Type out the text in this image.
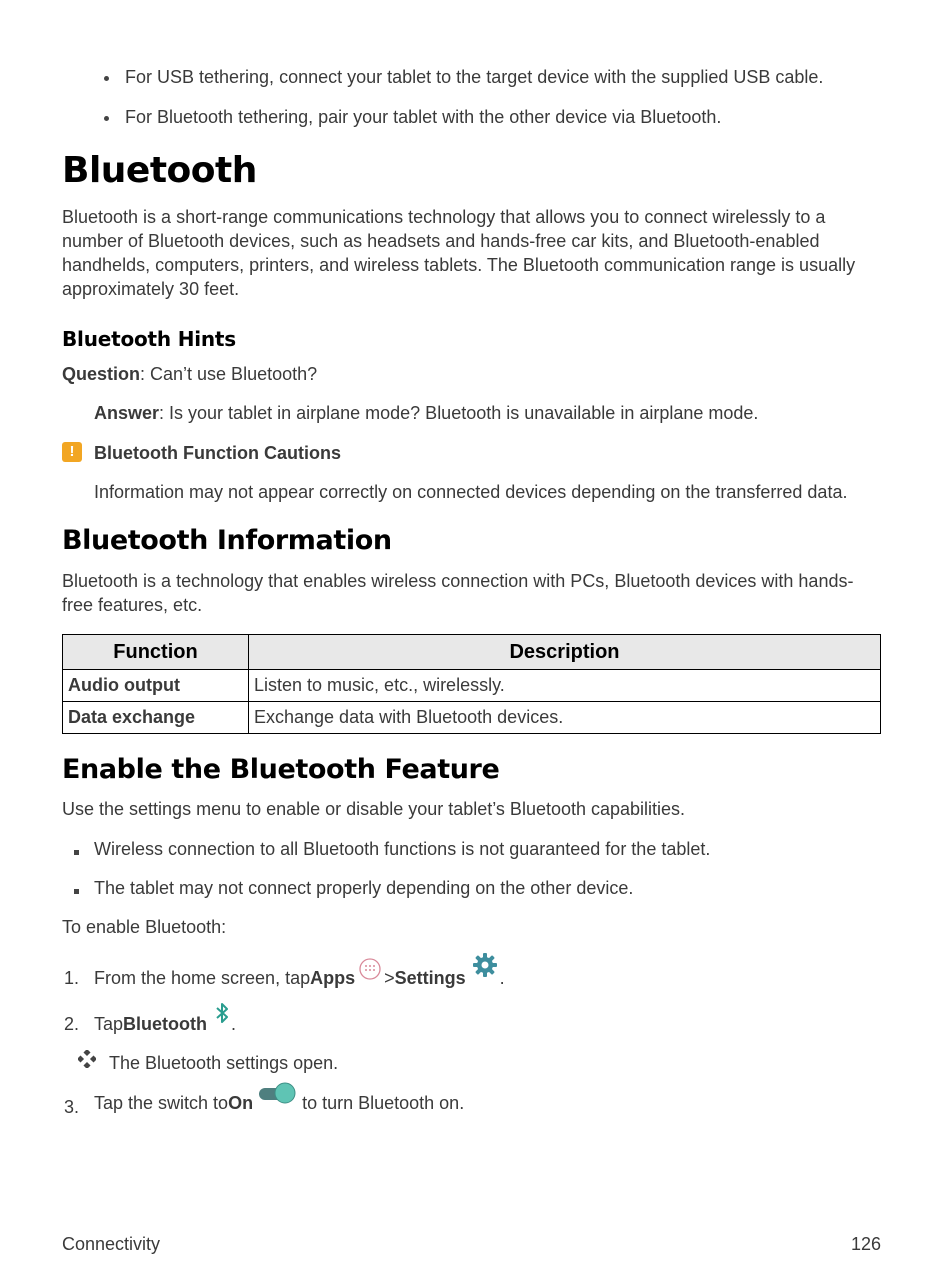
For USB tethering, connect your tablet to the target device with the supplied USB cable.
For Bluetooth tethering, pair your tablet with the other device via Bluetooth.
Bluetooth
Bluetooth is a short-range communications technology that allows you to connect wirelessly to a
number of Bluetooth devices, such as headsets and hands-free car kits, and Bluetooth-enabled
handhelds, computers, printers, and wireless tablets. The Bluetooth communication range is usually
approximately 30 feet.
Bluetooth Hints
Question: Can’t use Bluetooth?
Answer: Is your tablet in airplane mode? Bluetooth is unavailable in airplane mode.
!	Bluetooth Function Cautions
Information may not appear correctly on connected devices depending on the transferred data.
Bluetooth Information
Bluetooth is a technology that enables wireless connection with PCs, Bluetooth devices with hands-
free features, etc.
Function	Description
Audio output	Listen to music, etc., wirelessly.
Data exchange	Exchange data with Bluetooth devices.
Enable the Bluetooth Feature
Use the settings menu to enable or disable your tablet’s Bluetooth capabilities.
Wireless connection to all Bluetooth functions is not guaranteed for the tablet.
The tablet may not connect properly depending on the other device.
To enable Bluetooth:
1. From the home screen, tap Apps > Settings .
2. Tap Bluetooth .
The Bluetooth settings open.
3. Tap the switch to On	to turn Bluetooth on.
Connectivity	126
